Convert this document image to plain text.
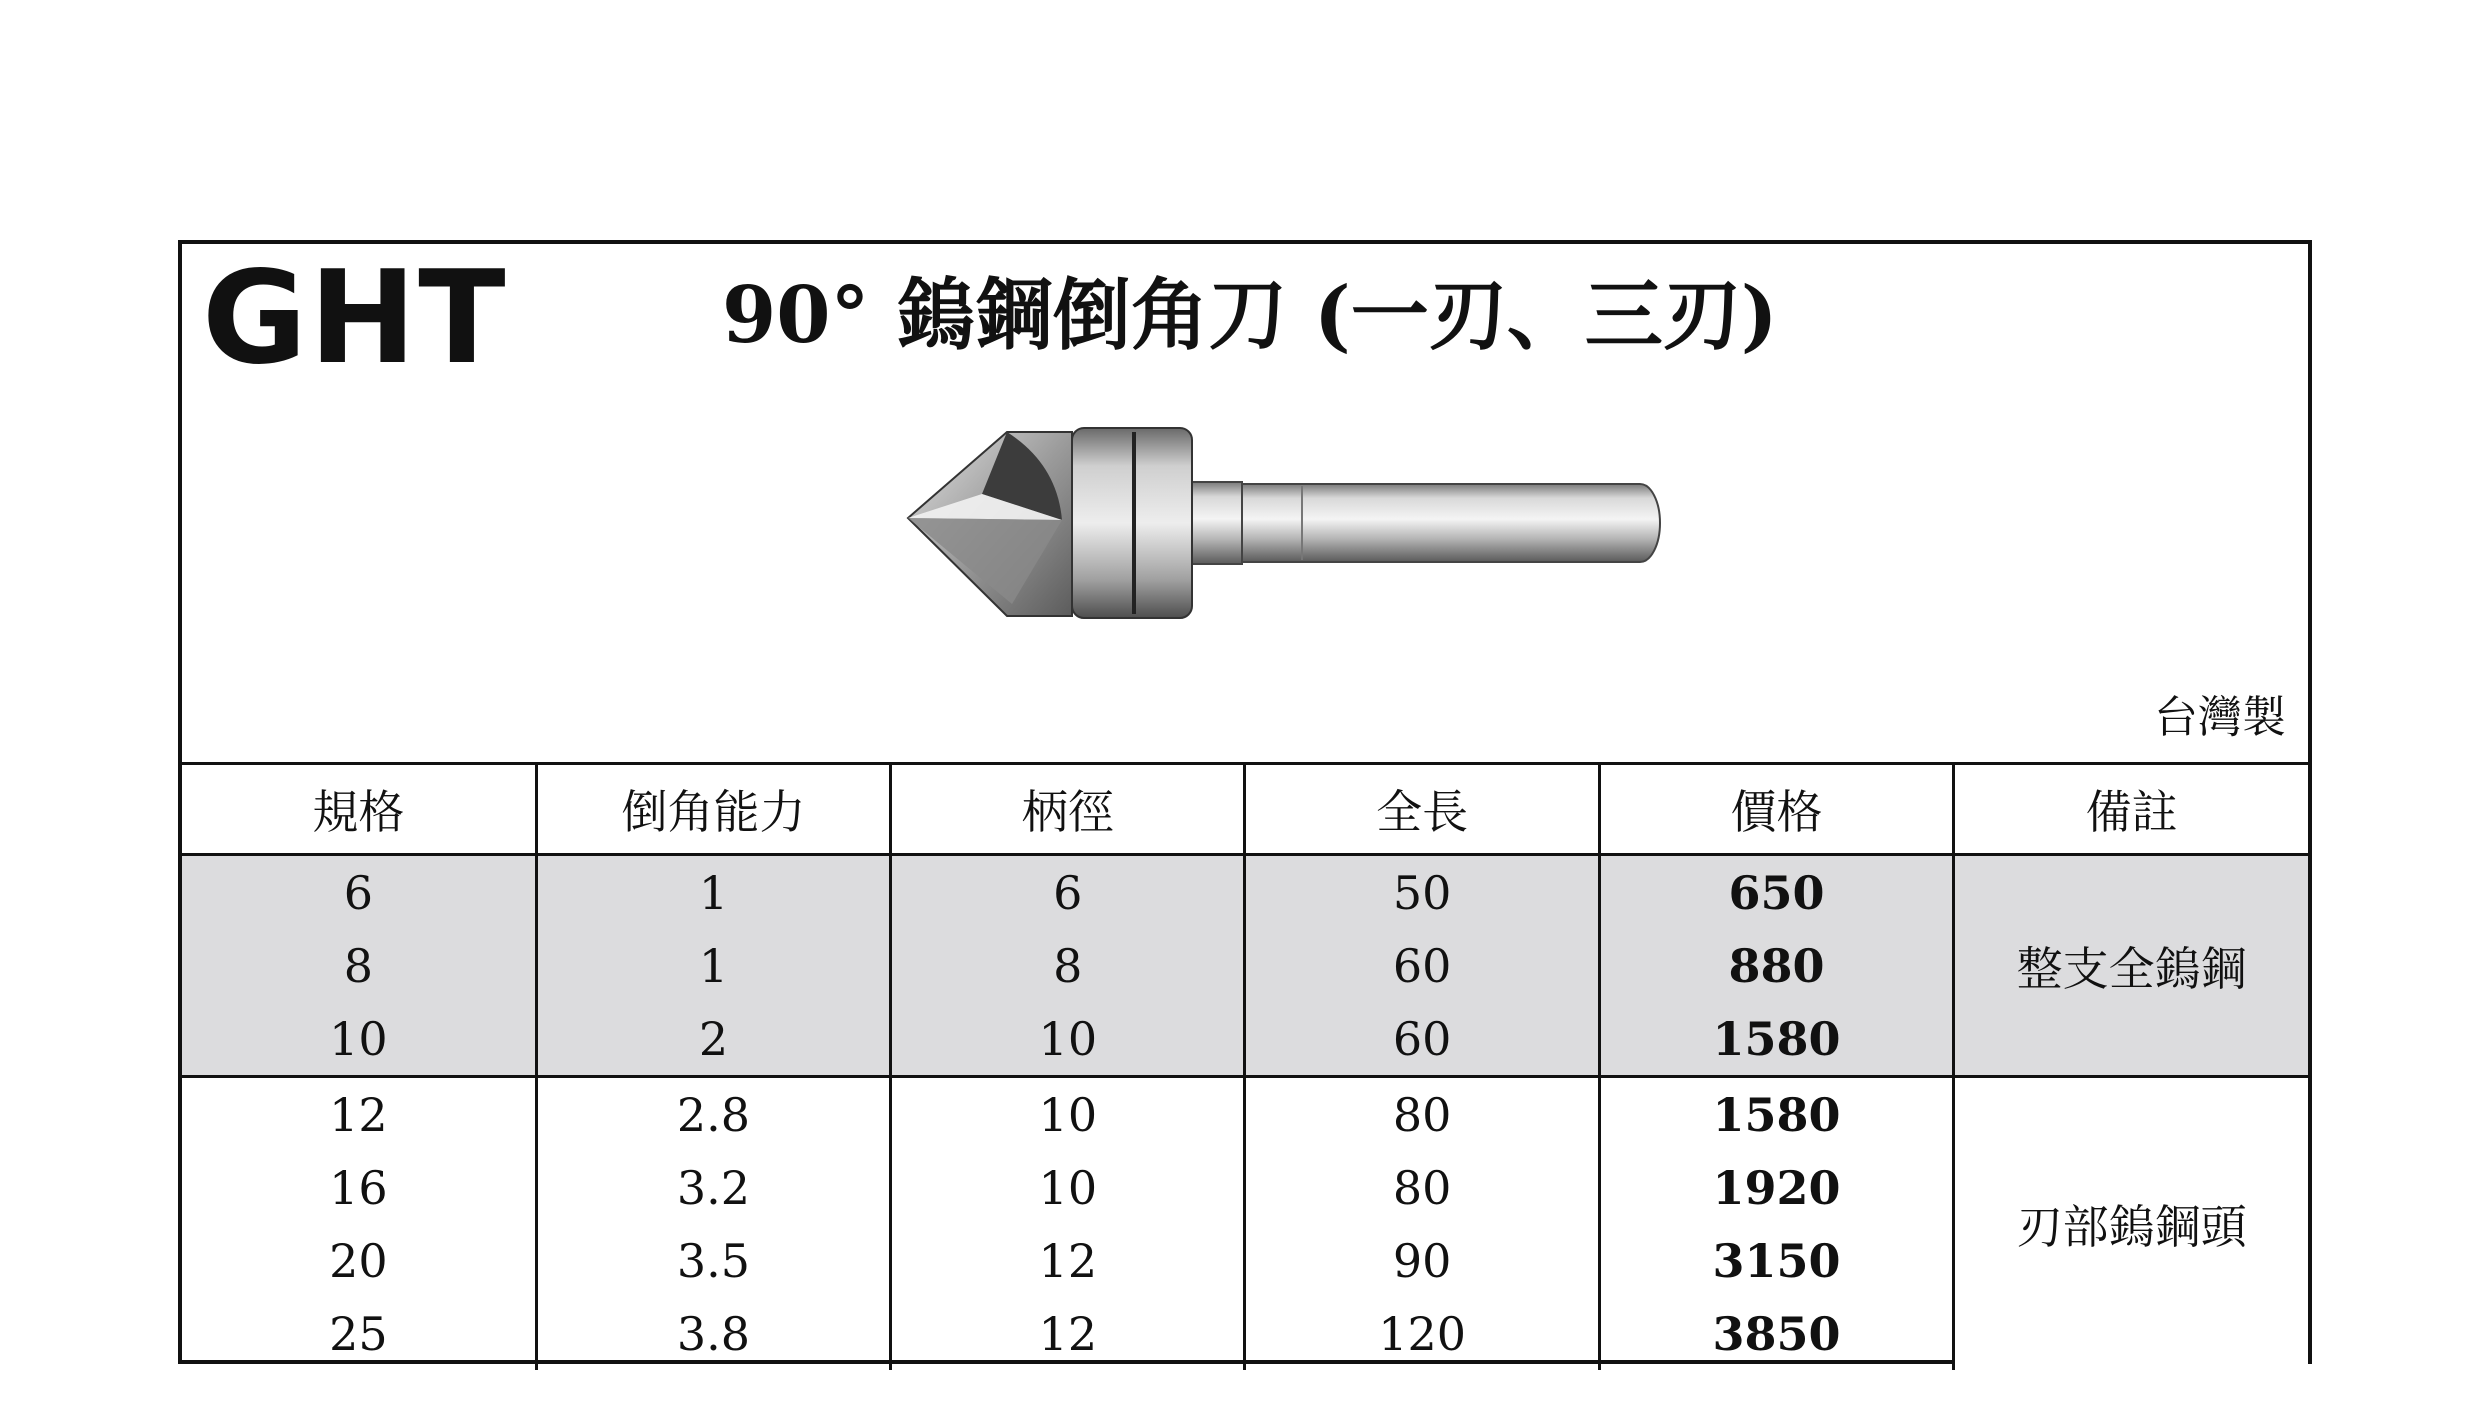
GHT	90° 鎢鋼倒角刀 (一刃、三刃)
台灣製
規格	倒角能力	柄徑	全長	價格	備註
6	1	6	50	650	整支全鎢鋼
8	1	8	60	880	
10	2	10	60	1580	
12	2.8	10	80	1580	刃部鎢鋼頭
16	3.2	10	80	1920	
20	3.5	12	90	3150	
25	3.8	12	120	3850	
